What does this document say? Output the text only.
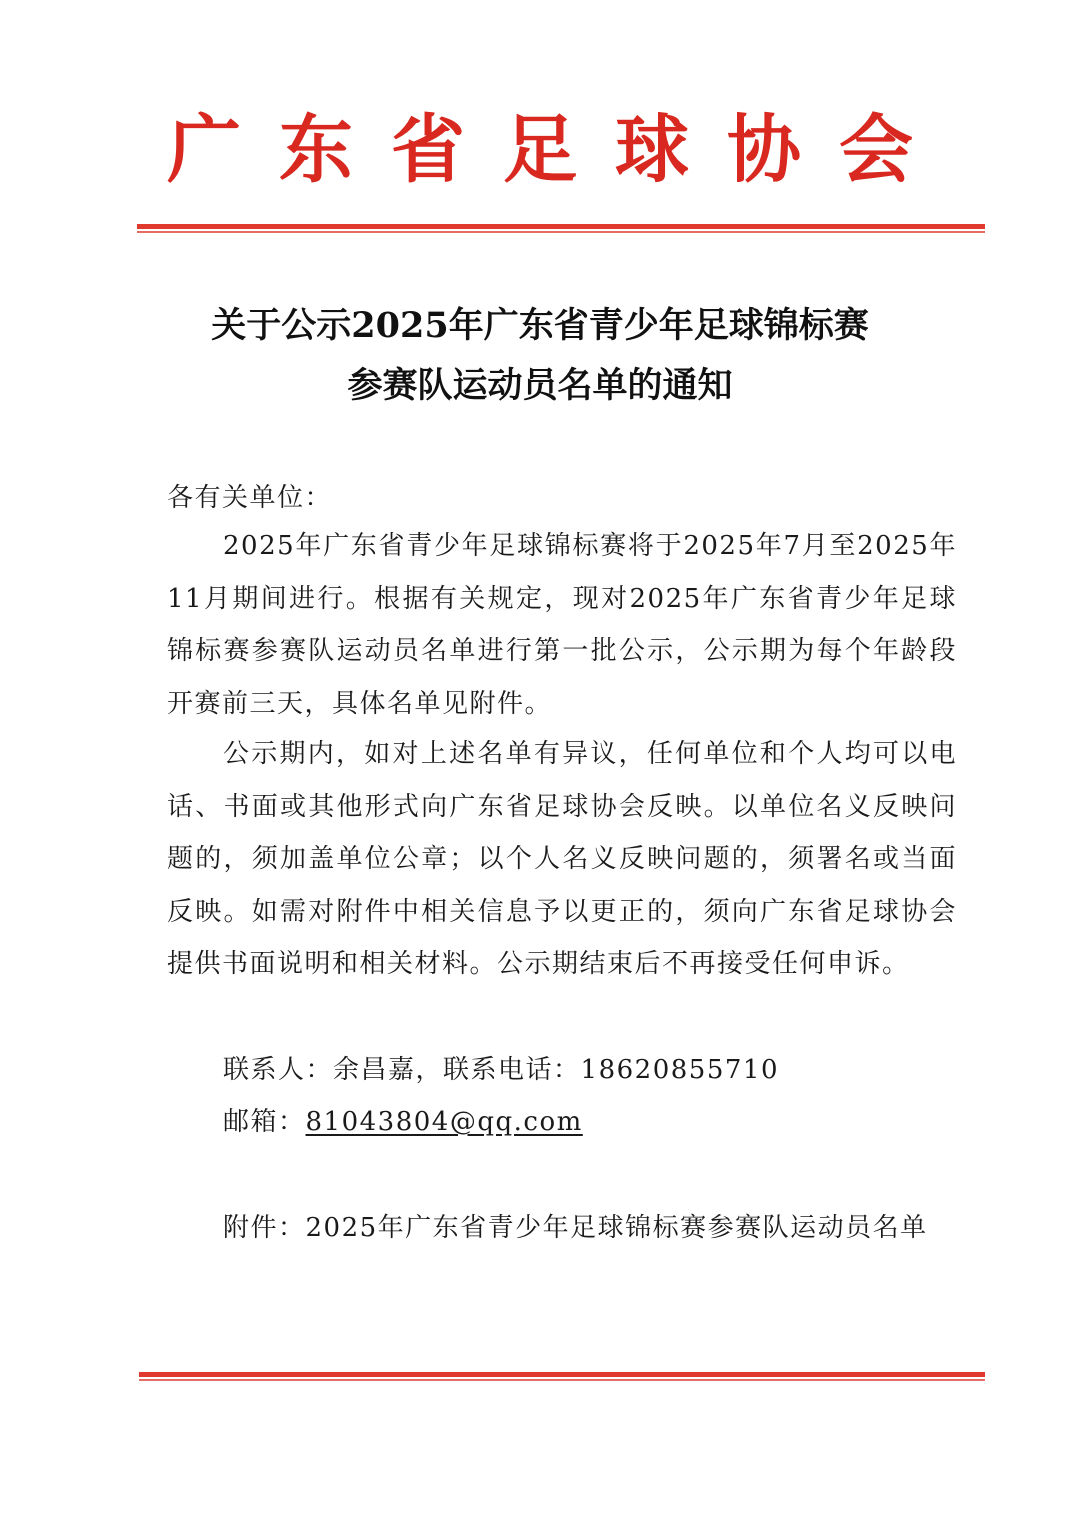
广东省足球协会
关于公示2025年广东省青少年足球锦标赛
参赛队运动员名单的通知
各有关单位：
2025年广东省青少年足球锦标赛将于2025年7月至2025年11月期间进行。根据有关规定，现对2025年广东省青少年足球锦标赛参赛队运动员名单进行第一批公示，公示期为每个年龄段开赛前三天，具体名单见附件。
公示期内，如对上述名单有异议，任何单位和个人均可以电话、书面或其他形式向广东省足球协会反映。以单位名义反映问题的，须加盖单位公章；以个人名义反映问题的，须署名或当面反映。如需对附件中相关信息予以更正的，须向广东省足球协会提供书面说明和相关材料。公示期结束后不再接受任何申诉。
联系人：余昌嘉，联系电话：18620855710
邮箱：81043804@qq.com
附件：2025年广东省青少年足球锦标赛参赛队运动员名单
